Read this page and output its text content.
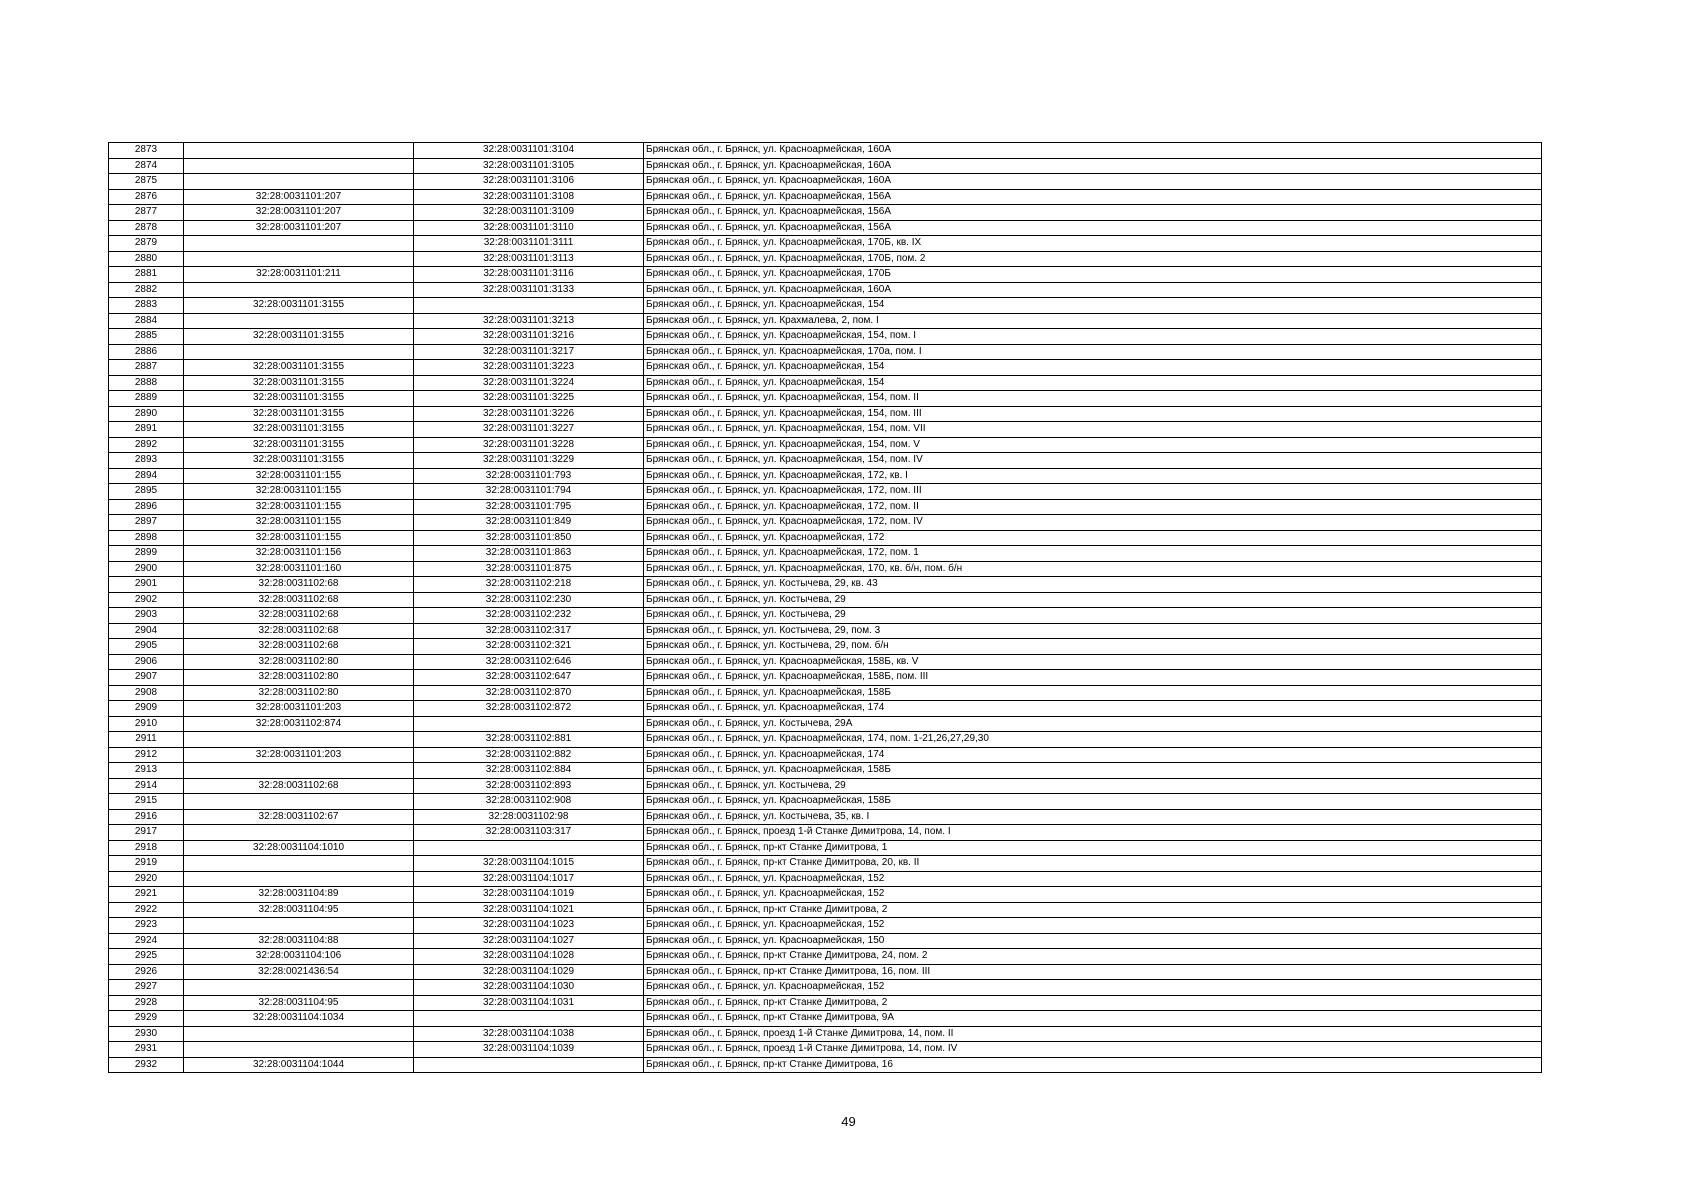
2873		32:28:0031101:3104	Брянская обл., г. Брянск, ул. Красноармейская, 160А
2874		32:28:0031101:3105	Брянская обл., г. Брянск, ул. Красноармейская, 160А
2875		32:28:0031101:3106	Брянская обл., г. Брянск, ул. Красноармейская, 160А
2876	32:28:0031101:207	32:28:0031101:3108	Брянская обл., г. Брянск, ул. Красноармейская, 156А
2877	32:28:0031101:207	32:28:0031101:3109	Брянская обл., г. Брянск, ул. Красноармейская, 156А
2878	32:28:0031101:207	32:28:0031101:3110	Брянская обл., г. Брянск, ул. Красноармейская, 156А
2879		32:28:0031101:3111	Брянская обл., г. Брянск, ул. Красноармейская, 170Б, кв. IX
2880		32:28:0031101:3113	Брянская обл., г. Брянск, ул. Красноармейская, 170Б, пом. 2
2881	32:28:0031101:211	32:28:0031101:3116	Брянская обл., г. Брянск, ул. Красноармейская, 170Б
2882		32:28:0031101:3133	Брянская обл., г. Брянск, ул. Красноармейская, 160А
2883	32:28:0031101:3155		Брянская обл., г. Брянск, ул. Красноармейская, 154
2884		32:28:0031101:3213	Брянская обл., г. Брянск, ул. Крахмалева, 2, пом. I
2885	32:28:0031101:3155	32:28:0031101:3216	Брянская обл., г. Брянск, ул. Красноармейская, 154, пом. I
2886		32:28:0031101:3217	Брянская обл., г. Брянск, ул. Красноармейская, 170а, пом. I
2887	32:28:0031101:3155	32:28:0031101:3223	Брянская обл., г. Брянск, ул. Красноармейская, 154
2888	32:28:0031101:3155	32:28:0031101:3224	Брянская обл., г. Брянск, ул. Красноармейская, 154
2889	32:28:0031101:3155	32:28:0031101:3225	Брянская обл., г. Брянск, ул. Красноармейская, 154, пом. II
2890	32:28:0031101:3155	32:28:0031101:3226	Брянская обл., г. Брянск, ул. Красноармейская, 154, пом. III
2891	32:28:0031101:3155	32:28:0031101:3227	Брянская обл., г. Брянск, ул. Красноармейская, 154, пом. VII
2892	32:28:0031101:3155	32:28:0031101:3228	Брянская обл., г. Брянск, ул. Красноармейская, 154, пом. V
2893	32:28:0031101:3155	32:28:0031101:3229	Брянская обл., г. Брянск, ул. Красноармейская, 154, пом. IV
2894	32:28:0031101:155	32:28:0031101:793	Брянская обл., г. Брянск, ул. Красноармейская, 172, кв. I
2895	32:28:0031101:155	32:28:0031101:794	Брянская обл., г. Брянск, ул. Красноармейская, 172, пом. III
2896	32:28:0031101:155	32:28:0031101:795	Брянская обл., г. Брянск, ул. Красноармейская, 172, пом. II
2897	32:28:0031101:155	32:28:0031101:849	Брянская обл., г. Брянск, ул. Красноармейская, 172, пом. IV
2898	32:28:0031101:155	32:28:0031101:850	Брянская обл., г. Брянск, ул. Красноармейская, 172
2899	32:28:0031101:156	32:28:0031101:863	Брянская обл., г. Брянск, ул. Красноармейская, 172, пом. 1
2900	32:28:0031101:160	32:28:0031101:875	Брянская обл., г. Брянск, ул. Красноармейская, 170, кв. б/н, пом. б/н
2901	32:28:0031102:68	32:28:0031102:218	Брянская обл., г. Брянск, ул. Костычева, 29, кв. 43
2902	32:28:0031102:68	32:28:0031102:230	Брянская обл., г. Брянск, ул. Костычева, 29
2903	32:28:0031102:68	32:28:0031102:232	Брянская обл., г. Брянск, ул. Костычева, 29
2904	32:28:0031102:68	32:28:0031102:317	Брянская обл., г. Брянск, ул. Костычева, 29, пом. 3
2905	32:28:0031102:68	32:28:0031102:321	Брянская обл., г. Брянск, ул. Костычева, 29, пом. б/н
2906	32:28:0031102:80	32:28:0031102:646	Брянская обл., г. Брянск, ул. Красноармейская, 158Б, кв. V
2907	32:28:0031102:80	32:28:0031102:647	Брянская обл., г. Брянск, ул. Красноармейская, 158Б, пом. III
2908	32:28:0031102:80	32:28:0031102:870	Брянская обл., г. Брянск, ул. Красноармейская, 158Б
2909	32:28:0031101:203	32:28:0031102:872	Брянская обл., г. Брянск, ул. Красноармейская, 174
2910	32:28:0031102:874		Брянская обл., г. Брянск, ул. Костычева, 29А
2911		32:28:0031102:881	Брянская обл., г. Брянск, ул. Красноармейская, 174, пом. 1-21,26,27,29,30
2912	32:28:0031101:203	32:28:0031102:882	Брянская обл., г. Брянск, ул. Красноармейская, 174
2913		32:28:0031102:884	Брянская обл., г. Брянск, ул. Красноармейская, 158Б
2914	32:28:0031102:68	32:28:0031102:893	Брянская обл., г. Брянск, ул. Костычева, 29
2915		32:28:0031102:908	Брянская обл., г. Брянск, ул. Красноармейская, 158Б
2916	32:28:0031102:67	32:28:0031102:98	Брянская обл., г. Брянск, ул. Костычева, 35, кв. I
2917		32:28:0031103:317	Брянская обл., г. Брянск, проезд 1-й Станке Димитрова, 14, пом. I
2918	32:28:0031104:1010		Брянская обл., г. Брянск, пр-кт Станке Димитрова, 1
2919		32:28:0031104:1015	Брянская обл., г. Брянск, пр-кт Станке Димитрова, 20, кв. II
2920		32:28:0031104:1017	Брянская обл., г. Брянск, ул. Красноармейская, 152
2921	32:28:0031104:89	32:28:0031104:1019	Брянская обл., г. Брянск, ул. Красноармейская, 152
2922	32:28:0031104:95	32:28:0031104:1021	Брянская обл., г. Брянск, пр-кт Станке Димитрова, 2
2923		32:28:0031104:1023	Брянская обл., г. Брянск, ул. Красноармейская, 152
2924	32:28:0031104:88	32:28:0031104:1027	Брянская обл., г. Брянск, ул. Красноармейская, 150
2925	32:28:0031104:106	32:28:0031104:1028	Брянская обл., г. Брянск, пр-кт Станке Димитрова, 24, пом. 2
2926	32:28:0021436:54	32:28:0031104:1029	Брянская обл., г. Брянск, пр-кт Станке Димитрова, 16, пом. III
2927		32:28:0031104:1030	Брянская обл., г. Брянск, ул. Красноармейская, 152
2928	32:28:0031104:95	32:28:0031104:1031	Брянская обл., г. Брянск, пр-кт Станке Димитрова, 2
2929	32:28:0031104:1034		Брянская обл., г. Брянск, пр-кт Станке Димитрова, 9А
2930		32:28:0031104:1038	Брянская обл., г. Брянск, проезд 1-й Станке Димитрова, 14, пом. II
2931		32:28:0031104:1039	Брянская обл., г. Брянск, проезд 1-й Станке Димитрова, 14, пом. IV
2932	32:28:0031104:1044		Брянская обл., г. Брянск, пр-кт Станке Димитрова, 16
49
